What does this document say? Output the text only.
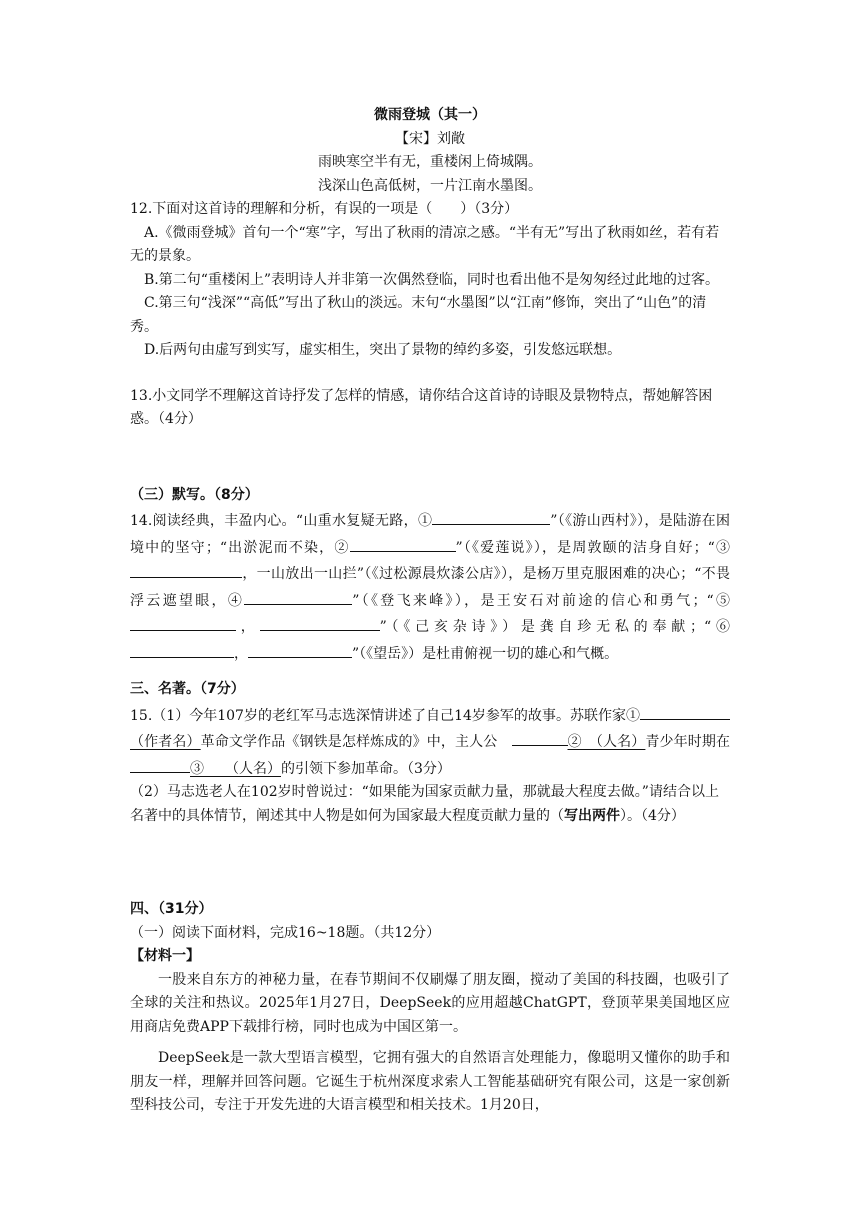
微雨登城（其一）

【宋】刘敞

雨映寒空半有无，重楼闲上倚城隅。

浅深山色高低树，一片江南水墨图。

12.下面对这首诗的理解和分析，有误的一项是（　　）（3分）

A.《微雨登城》首句一个“寒”字，写出了秋雨的清凉之感。“半有无”写出了秋雨如丝，若有若无的景象。

B.第二句“重楼闲上”表明诗人并非第一次偶然登临，同时也看出他不是匆匆经过此地的过客。

C.第三句“浅深”“高低”写出了秋山的淡远。末句“水墨图”以“江南”修饰，突出了“山色”的清秀。

D.后两句由虚写到实写，虚实相生，突出了景物的绰约多姿，引发悠远联想。

13.小文同学不理解这首诗抒发了怎样的情感，请你结合这首诗的诗眼及景物特点，帮她解答困惑。（4分）

（三）默写。（8分）

14.阅读经典，丰盈内心。“山重水复疑无路，①	”（《游山西村》），是陆游在困境中的坚守；“出淤泥而不染，②	”（《爱莲说》），是周敦颐的洁身自好；“③，一山放出一山拦”（《过松源晨炊漆公店》），是杨万里克服困难的决心；“不畏浮云遮望眼，④	”（《登飞来峰》），是王安石对前途的信心和勇气；“⑤，	”（《己亥杂诗》）是龚自珍无私的奉献；“⑥，	”（《望岳》）是杜甫俯视一切的雄心和气概。

三、名著。（7分）

15.（1）今年107岁的老红军马志选深情讲述了自己14岁参军的故事。苏联作家①（作者名）革命文学作品《钢铁是怎样炼成的》中，主人公　	②　（人名）青少年时期在　③　　（人名）的引领下参加革命。（3分）

（2）马志选老人在102岁时曾说过：“如果能为国家贡献力量，那就最大程度去做。”请结合以上名著中的具体情节，阐述其中人物是如何为国家最大程度贡献力量的（写出两件）。（4分）

四、（31分）

（一）阅读下面材料，完成16~18题。（共12分）

【材料一】

一股来自东方的神秘力量，在春节期间不仅刷爆了朋友圈，搅动了美国的科技圈，也吸引了全球的关注和热议。2025年1月27日，DeepSeek的应用超越ChatGPT，登顶苹果美国地区应用商店免费APP下载排行榜，同时也成为中国区第一。

DeepSeek是一款大型语言模型，它拥有强大的自然语言处理能力，像聪明又懂你的助手和朋友一样，理解并回答问题。它诞生于杭州深度求索人工智能基础研究有限公司，这是一家创新型科技公司，专注于开发先进的大语言模型和相关技术。1月20日，
